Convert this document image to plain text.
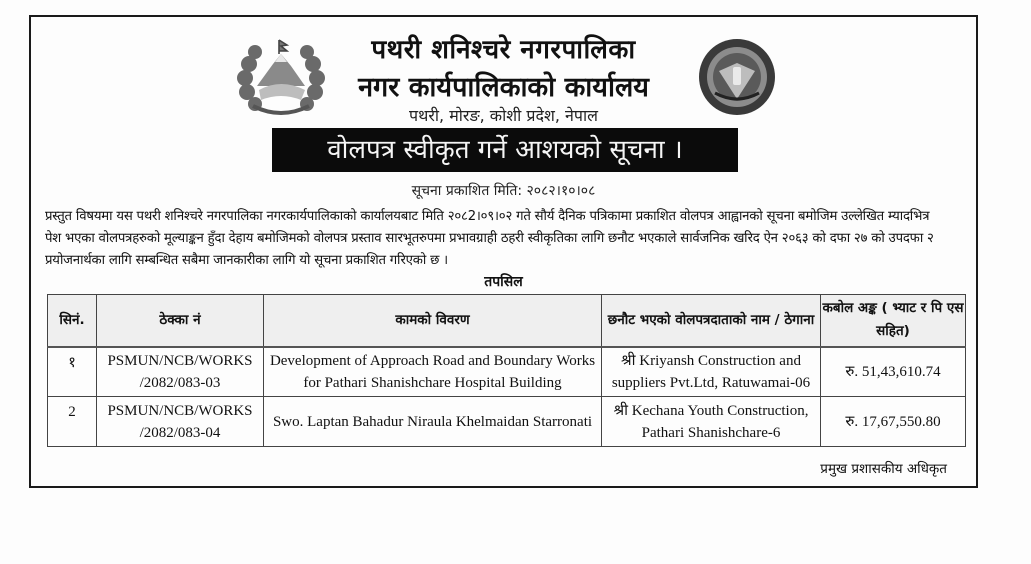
पथरी शनिश्चरे नगरपालिका
नगर कार्यपालिकाको कार्यालय
पथरी, मोरङ, कोशी प्रदेश, नेपाल
वोलपत्र स्वीकृत गर्ने आशयको सूचना ।
सूचना प्रकाशित मिति: २०८२।१०।०८
प्रस्तुत विषयमा यस पथरी शनिश्चरे नगरपालिका नगरकार्यपालिकाको कार्यालयबाट मिति २०८2।०९।०२ गते सौर्य दैनिक पत्रिकामा प्रकाशित वोलपत्र आह्वानको सूचना बमोजिम उल्लेखित म्यादभित्र
पेश भएका वोलपत्रहरुको मूल्याङ्कन हुँदा देहाय बमोजिमको वोलपत्र प्रस्ताव सारभूतरुपमा प्रभावग्राही ठहरी स्वीकृतिका लागि छनौट भएकाले सार्वजनिक खरिद ऐन २०६३ को दफा २७ को उपदफा २
प्रयोजनार्थका लागि सम्बन्धित सबैमा जानकारीका लागि यो सूचना प्रकाशित गरिएको छ ।
तपसिल
सिनं.	ठेक्का नं	कामको विवरण	छनौट भएको वोलपत्रदाताको नाम / ठेगाना	कबोल अङ्क ( भ्याट र पि एस सहित)
१	PSMUN/NCB/WORKS /2082/083-03	Development of Approach Road and Boundary Works for Pathari Shanishchare Hospital Building	श्री Kriyansh Construction and suppliers Pvt.Ltd, Ratuwamai-06	रु. 51,43,610.74
2	PSMUN/NCB/WORKS /2082/083-04	Swo. Laptan Bahadur Niraula Khelmaidan Starronati	श्री Kechana Youth Construction, Pathari Shanishchare-6	रु. 17,67,550.80
प्रमुख प्रशासकीय अधिकृत
